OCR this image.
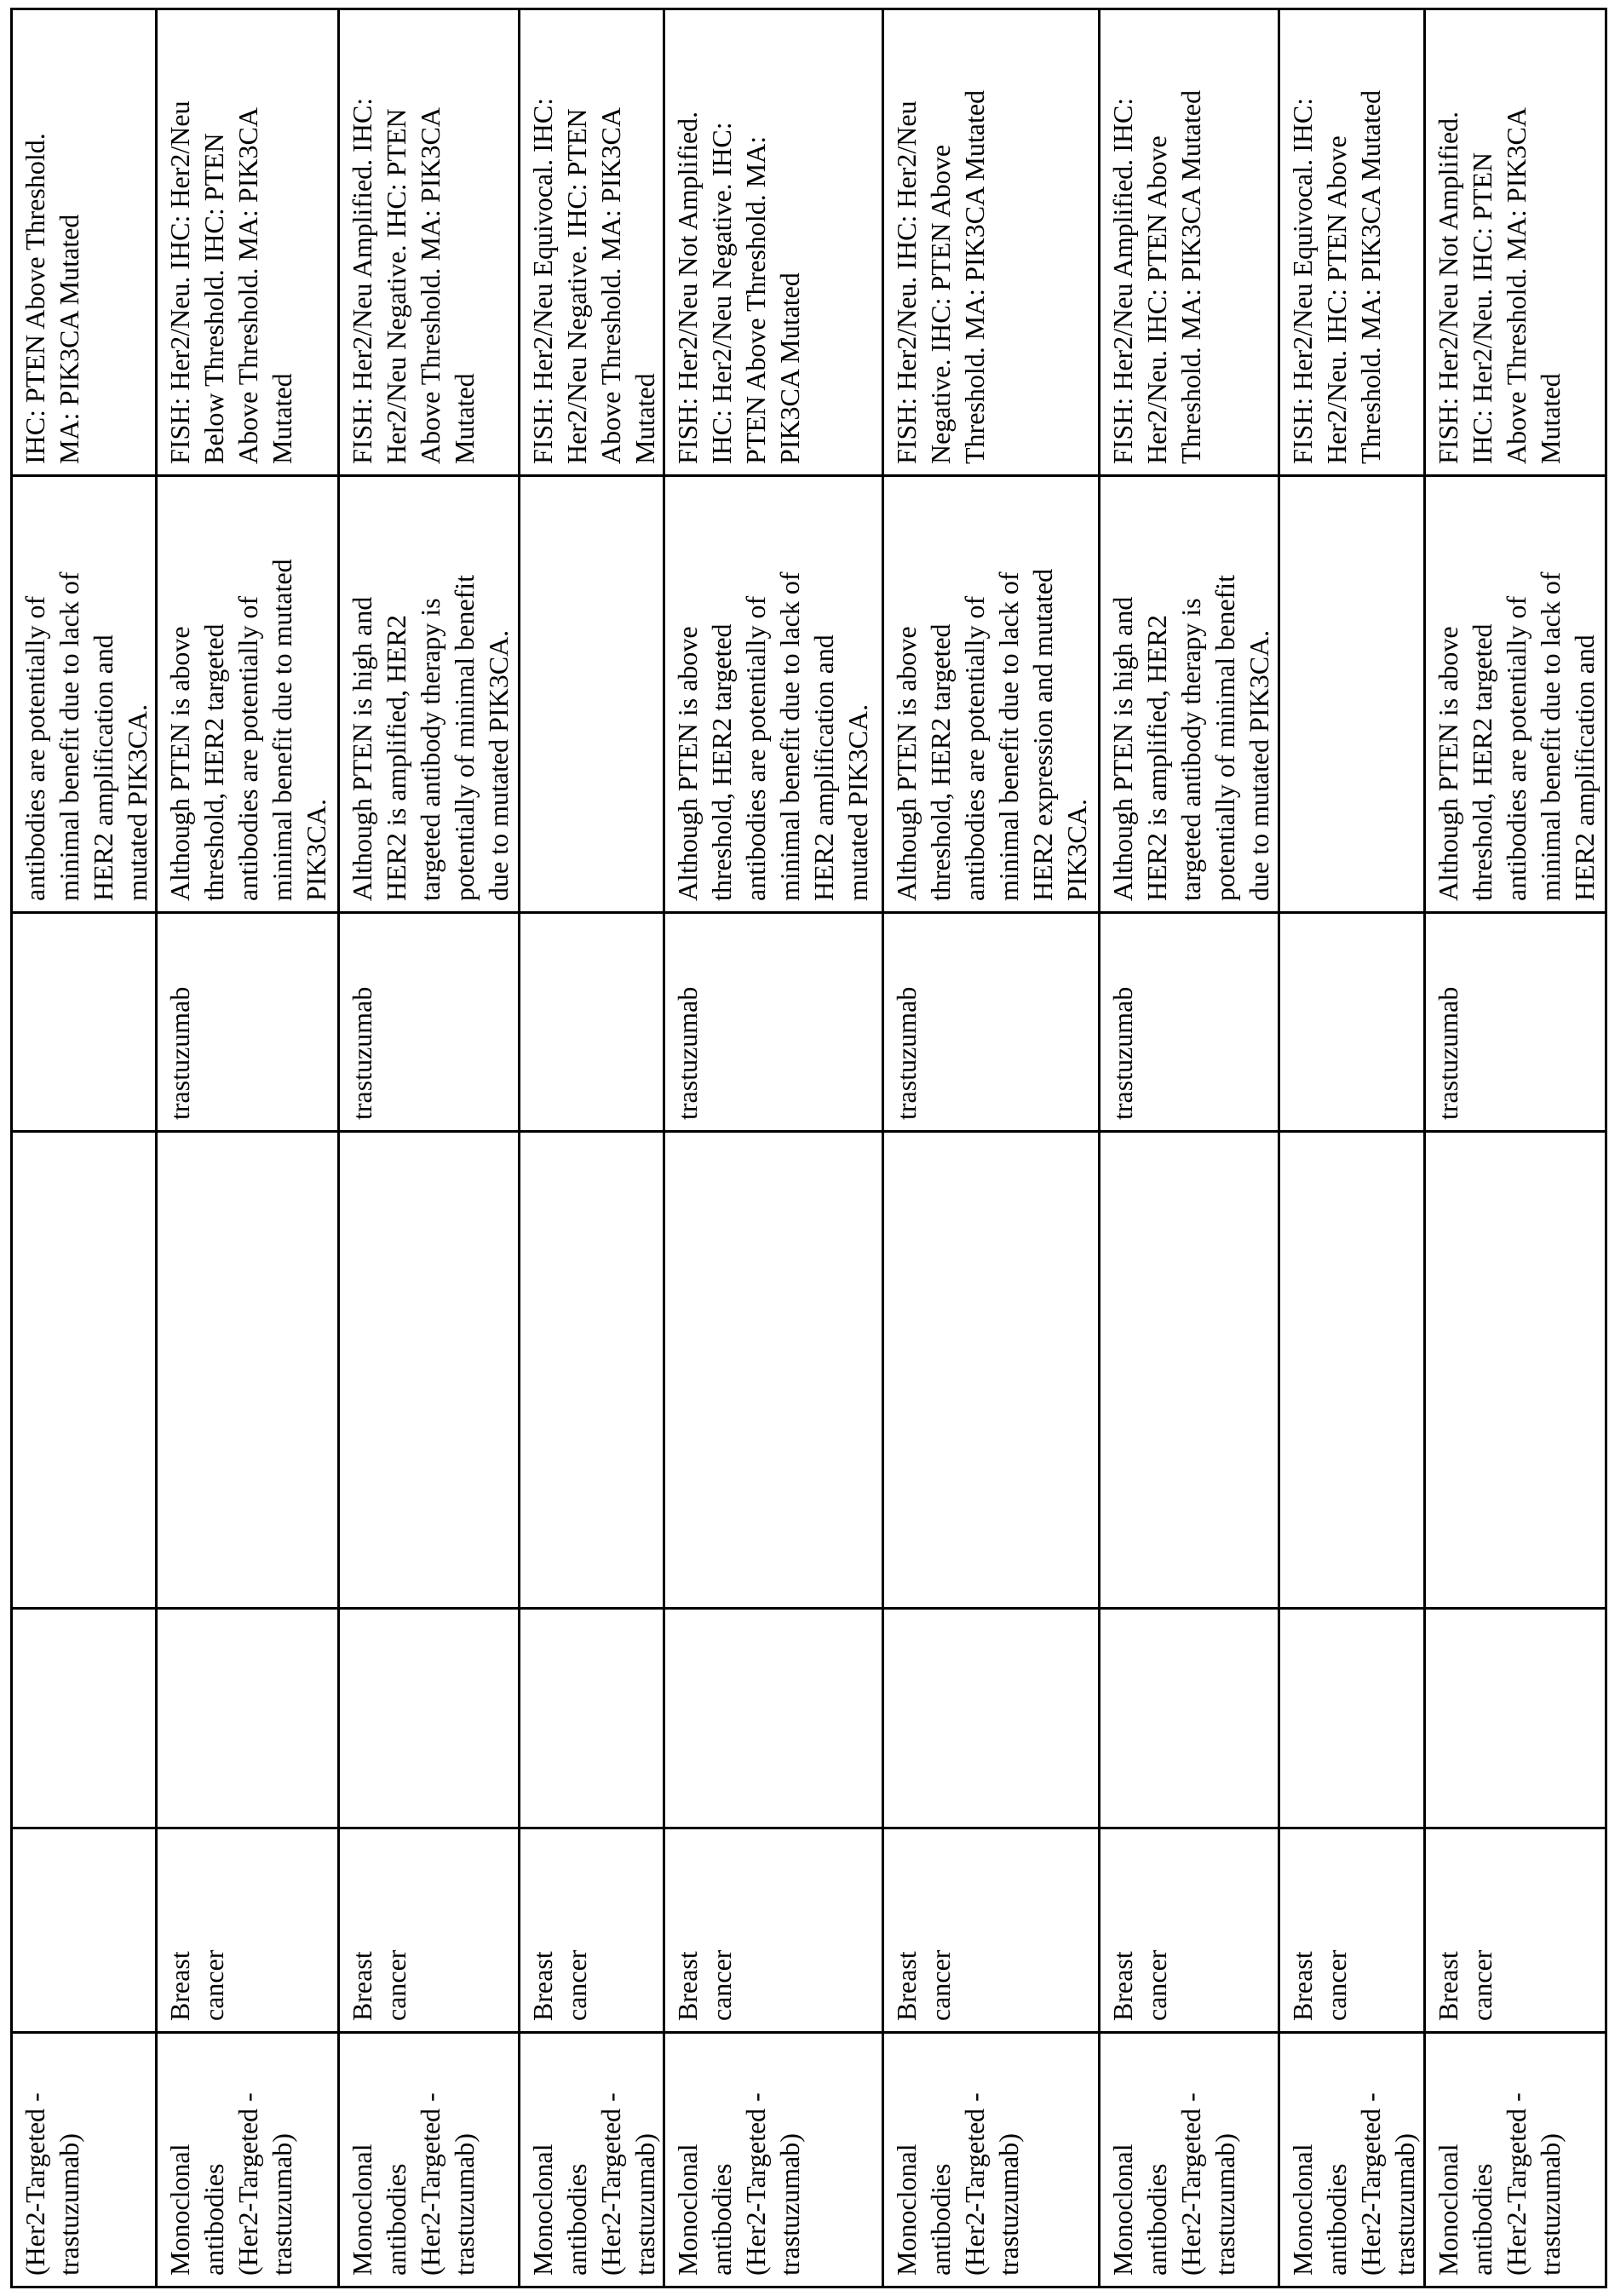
(Her2-Targeted -
trastuzumab)					antibodies are potentially of
minimal benefit due to lack of
HER2 amplification and
mutated PIK3CA.	IHC: PTEN Above Threshold.
MA: PIK3CA Mutated
Monoclonal
antibodies
(Her2-Targeted -
trastuzumab)	Breast
cancer			trastuzumab	Although PTEN is above
threshold, HER2 targeted
antibodies are potentially of
minimal benefit due to mutated
PIK3CA.	FISH: Her2/Neu. IHC: Her2/Neu
Below Threshold. IHC: PTEN
Above Threshold. MA: PIK3CA
Mutated
Monoclonal
antibodies
(Her2-Targeted -
trastuzumab)	Breast
cancer			trastuzumab	Although PTEN is high and
HER2 is amplified, HER2
targeted antibody therapy is
potentially of minimal benefit
due to mutated PIK3CA.	FISH: Her2/Neu Amplified. IHC:
Her2/Neu Negative. IHC: PTEN
Above Threshold. MA: PIK3CA
Mutated
Monoclonal
antibodies
(Her2-Targeted -
trastuzumab)	Breast
cancer					FISH: Her2/Neu Equivocal. IHC:
Her2/Neu Negative. IHC: PTEN
Above Threshold. MA: PIK3CA
Mutated
Monoclonal
antibodies
(Her2-Targeted -
trastuzumab)	Breast
cancer			trastuzumab	Although PTEN is above
threshold, HER2 targeted
antibodies are potentially of
minimal benefit due to lack of
HER2 amplification and
mutated PIK3CA.	FISH: Her2/Neu Not Amplified.
IHC: Her2/Neu Negative. IHC:
PTEN Above Threshold. MA:
PIK3CA Mutated
Monoclonal
antibodies
(Her2-Targeted -
trastuzumab)	Breast
cancer			trastuzumab	Although PTEN is above
threshold, HER2 targeted
antibodies are potentially of
minimal benefit due to lack of
HER2 expression and mutated
PIK3CA.	FISH: Her2/Neu. IHC: Her2/Neu
Negative. IHC: PTEN Above
Threshold. MA: PIK3CA Mutated
Monoclonal
antibodies
(Her2-Targeted -
trastuzumab)	Breast
cancer			trastuzumab	Although PTEN is high and
HER2 is amplified, HER2
targeted antibody therapy is
potentially of minimal benefit
due to mutated PIK3CA.	FISH: Her2/Neu Amplified. IHC:
Her2/Neu. IHC: PTEN Above
Threshold. MA: PIK3CA Mutated
Monoclonal
antibodies
(Her2-Targeted -
trastuzumab)	Breast
cancer					FISH: Her2/Neu Equivocal. IHC:
Her2/Neu. IHC: PTEN Above
Threshold. MA: PIK3CA Mutated
Monoclonal
antibodies
(Her2-Targeted -
trastuzumab)	Breast
cancer			trastuzumab	Although PTEN is above
threshold, HER2 targeted
antibodies are potentially of
minimal benefit due to lack of
HER2 amplification and	FISH: Her2/Neu Not Amplified.
IHC: Her2/Neu. IHC: PTEN
Above Threshold. MA: PIK3CA
Mutated
